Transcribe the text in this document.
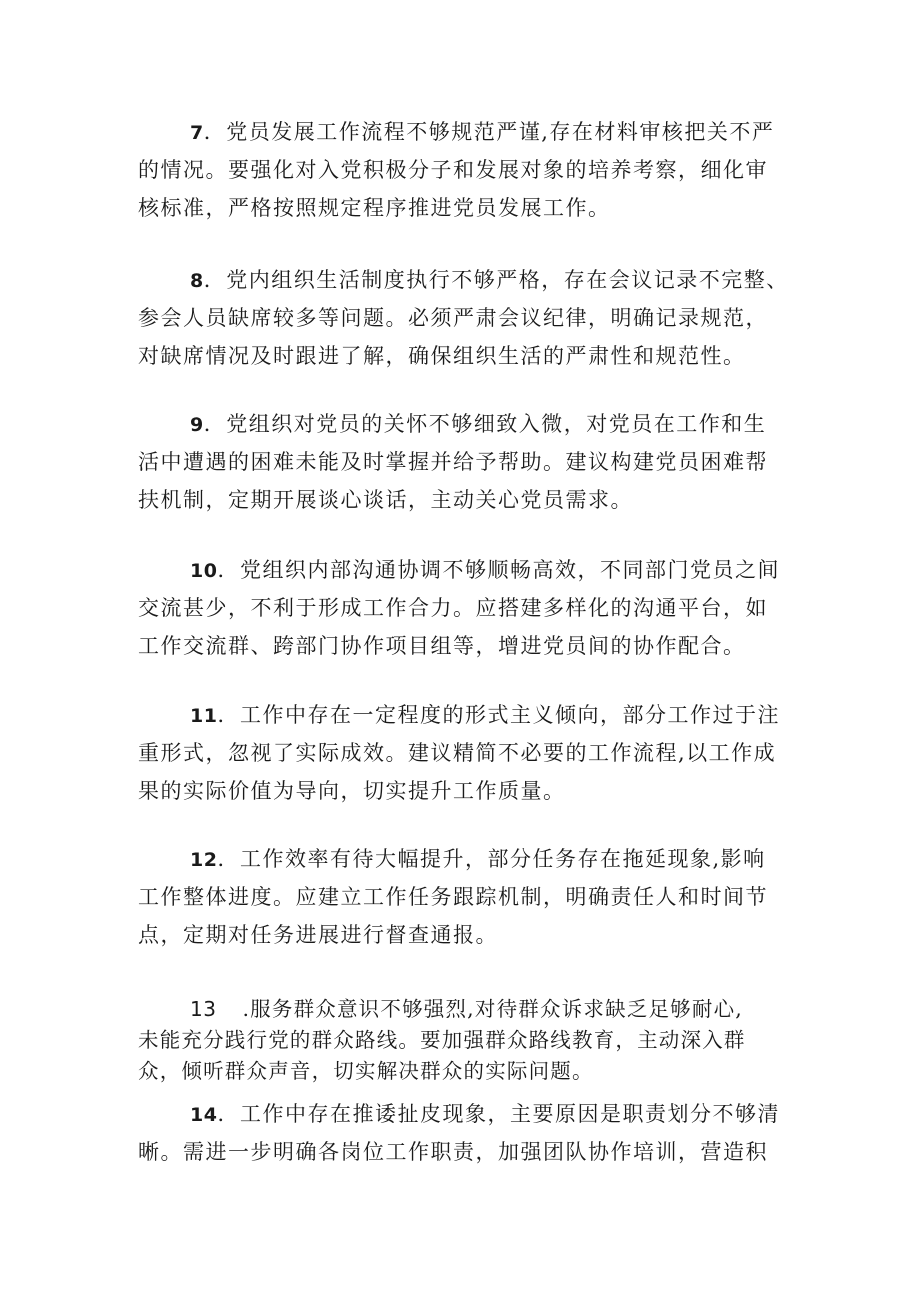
7．党员发展工作流程不够规范严谨,存在材料审核把关不严
的情况。要强化对入党积极分子和发展对象的培养考察，细化审
核标准，严格按照规定程序推进党员发展工作。
8．党内组织生活制度执行不够严格，存在会议记录不完整、
参会人员缺席较多等问题。必须严肃会议纪律，明确记录规范，
对缺席情况及时跟进了解，确保组织生活的严肃性和规范性。
9．党组织对党员的关怀不够细致入微，对党员在工作和生
活中遭遇的困难未能及时掌握并给予帮助。建议构建党员困难帮
扶机制，定期开展谈心谈话，主动关心党员需求。
10．党组织内部沟通协调不够顺畅高效，不同部门党员之间
交流甚少，不利于形成工作合力。应搭建多样化的沟通平台，如
工作交流群、跨部门协作项目组等，增进党员间的协作配合。
11．工作中存在一定程度的形式主义倾向，部分工作过于注
重形式，忽视了实际成效。建议精简不必要的工作流程,以工作成
果的实际价值为导向，切实提升工作质量。
12．工作效率有待大幅提升，部分任务存在拖延现象,影响
工作整体进度。应建立工作任务跟踪机制，明确责任人和时间节
点，定期对任务进展进行督查通报。
13 .服务群众意识不够强烈,对待群众诉求缺乏足够耐心,
未能充分践行党的群众路线。要加强群众路线教育，主动深入群
众，倾听群众声音，切实解决群众的实际问题。
14．工作中存在推诿扯皮现象，主要原因是职责划分不够清
晰。需进一步明确各岗位工作职责，加强团队协作培训，营造积
